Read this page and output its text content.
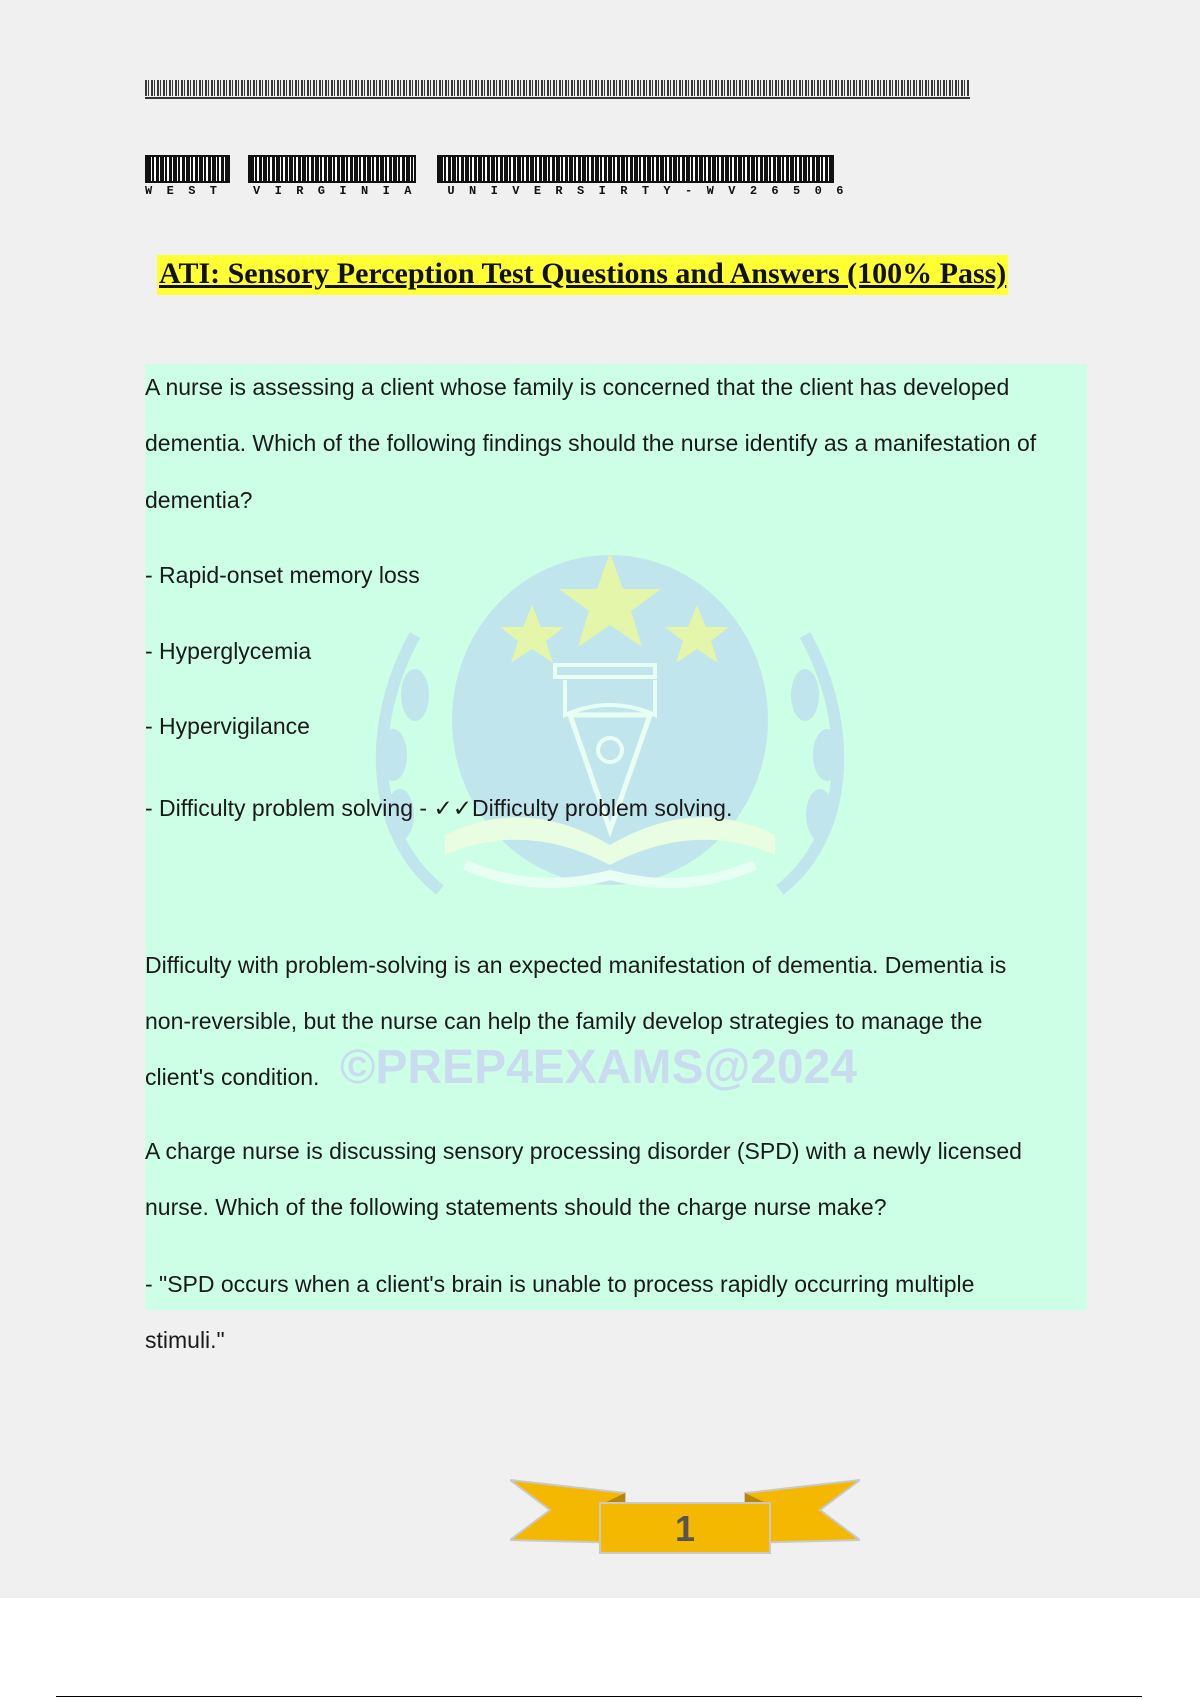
WEST VIRGINIA UNIVERSIRTY-WV26506
ATI: Sensory Perception Test Questions and Answers (100% Pass)
©PREP4EXAMS@2024
A nurse is assessing a client whose family is concerned that the client has developed
dementia. Which of the following findings should the nurse identify as a manifestation of
dementia?
- Rapid-onset memory loss
- Hyperglycemia
- Hypervigilance
- Difficulty problem solving - ✓✓Difficulty problem solving.
Difficulty with problem-solving is an expected manifestation of dementia. Dementia is
non-reversible, but the nurse can help the family develop strategies to manage the
client's condition.
A charge nurse is discussing sensory processing disorder (SPD) with a newly licensed
nurse. Which of the following statements should the charge nurse make?
- "SPD occurs when a client's brain is unable to process rapidly occurring multiple
stimuli."
1
